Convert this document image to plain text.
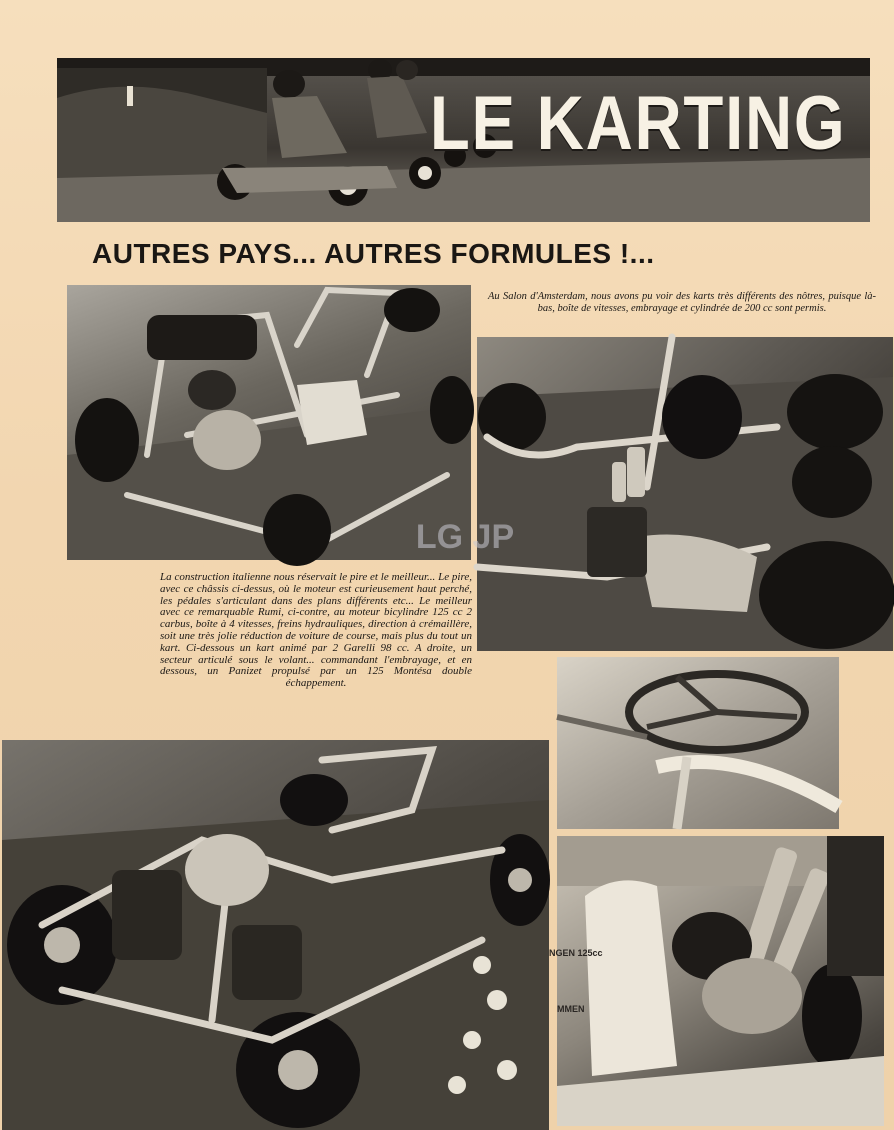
LE KARTING
AUTRES PAYS... AUTRES FORMULES !...
Au Salon d'Amsterdam, nous avons pu voir des karts très différents des nôtres, puisque là-bas, boîte de vitesses, embrayage et cylindrée de 200 cc sont permis.
LG JP
La construction italienne nous réservait le pire et le meilleur... Le pire, avec ce châssis ci-dessus, où le moteur est curieusement haut perché, les pédales s'articulant dans des plans différents etc... Le meilleur avec ce remarquable Rumi, ci-contre, au moteur bicylindre 125 cc 2 carbus, boîte à 4 vitesses, freins hydrauliques, direction à crémaillère, soit une très jolie réduction de voiture de course, mais plus du tout un kart. Ci-dessous un kart animé par 2 Garelli 98 cc. A droite, un secteur articulé sous le volant... commandant l'embrayage, et en dessous, un Panizet propulsé par un 125 Montésa double échappement.
NGEN 125cc
MMEN
